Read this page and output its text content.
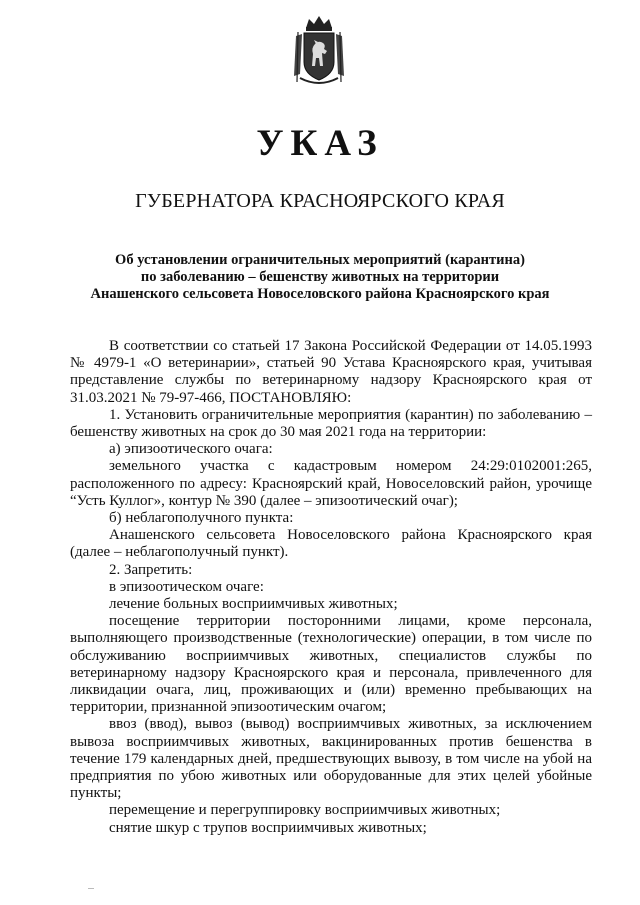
УКАЗ
ГУБЕРНАТОРА КРАСНОЯРСКОГО КРАЯ
Об установлении ограничительных мероприятий (карантина)
по заболеванию – бешенству животных на территории
Анашенского сельсовета Новоселовского района Красноярского края

В соответствии со статьей 17 Закона Российской Федерации от 14.05.1993 № 4979-1 «О ветеринарии», статьей 90 Устава Красноярского края, учитывая представление службы по ветеринарному надзору Красноярского края от 31.03.2021 № 79-97-466, ПОСТАНОВЛЯЮ:

1. Установить ограничительные мероприятия (карантин) по заболеванию – бешенству животных на срок до 30 мая 2021 года на территории:

а) эпизоотического очага:

земельного участка с кадастровым номером 24:29:0102001:265, расположенного по адресу: Красноярский край, Новоселовский район, урочище “Усть Куллог», контур № 390 (далее – эпизоотический очаг);

б) неблагополучного пункта:

Анашенского сельсовета Новоселовского района Красноярского края (далее – неблагополучный пункт).

2. Запретить:

в эпизоотическом очаге:

лечение больных восприимчивых животных;

посещение территории посторонними лицами, кроме персонала, выполняющего производственные (технологические) операции, в том числе по обслуживанию восприимчивых животных, специалистов службы по ветеринарному надзору Красноярского края и персонала, привлеченного для ликвидации очага, лиц, проживающих и (или) временно пребывающих на территории, признанной эпизоотическим очагом;

ввоз (ввод), вывоз (вывод) восприимчивых животных, за исключением вывоза восприимчивых животных, вакцинированных против бешенства в течение 179 календарных дней, предшествующих вывозу, в том числе на убой на предприятия по убою животных или оборудованные для этих целей убойные пункты;

перемещение и перегруппировку восприимчивых животных;

снятие шкур с трупов восприимчивых животных;
